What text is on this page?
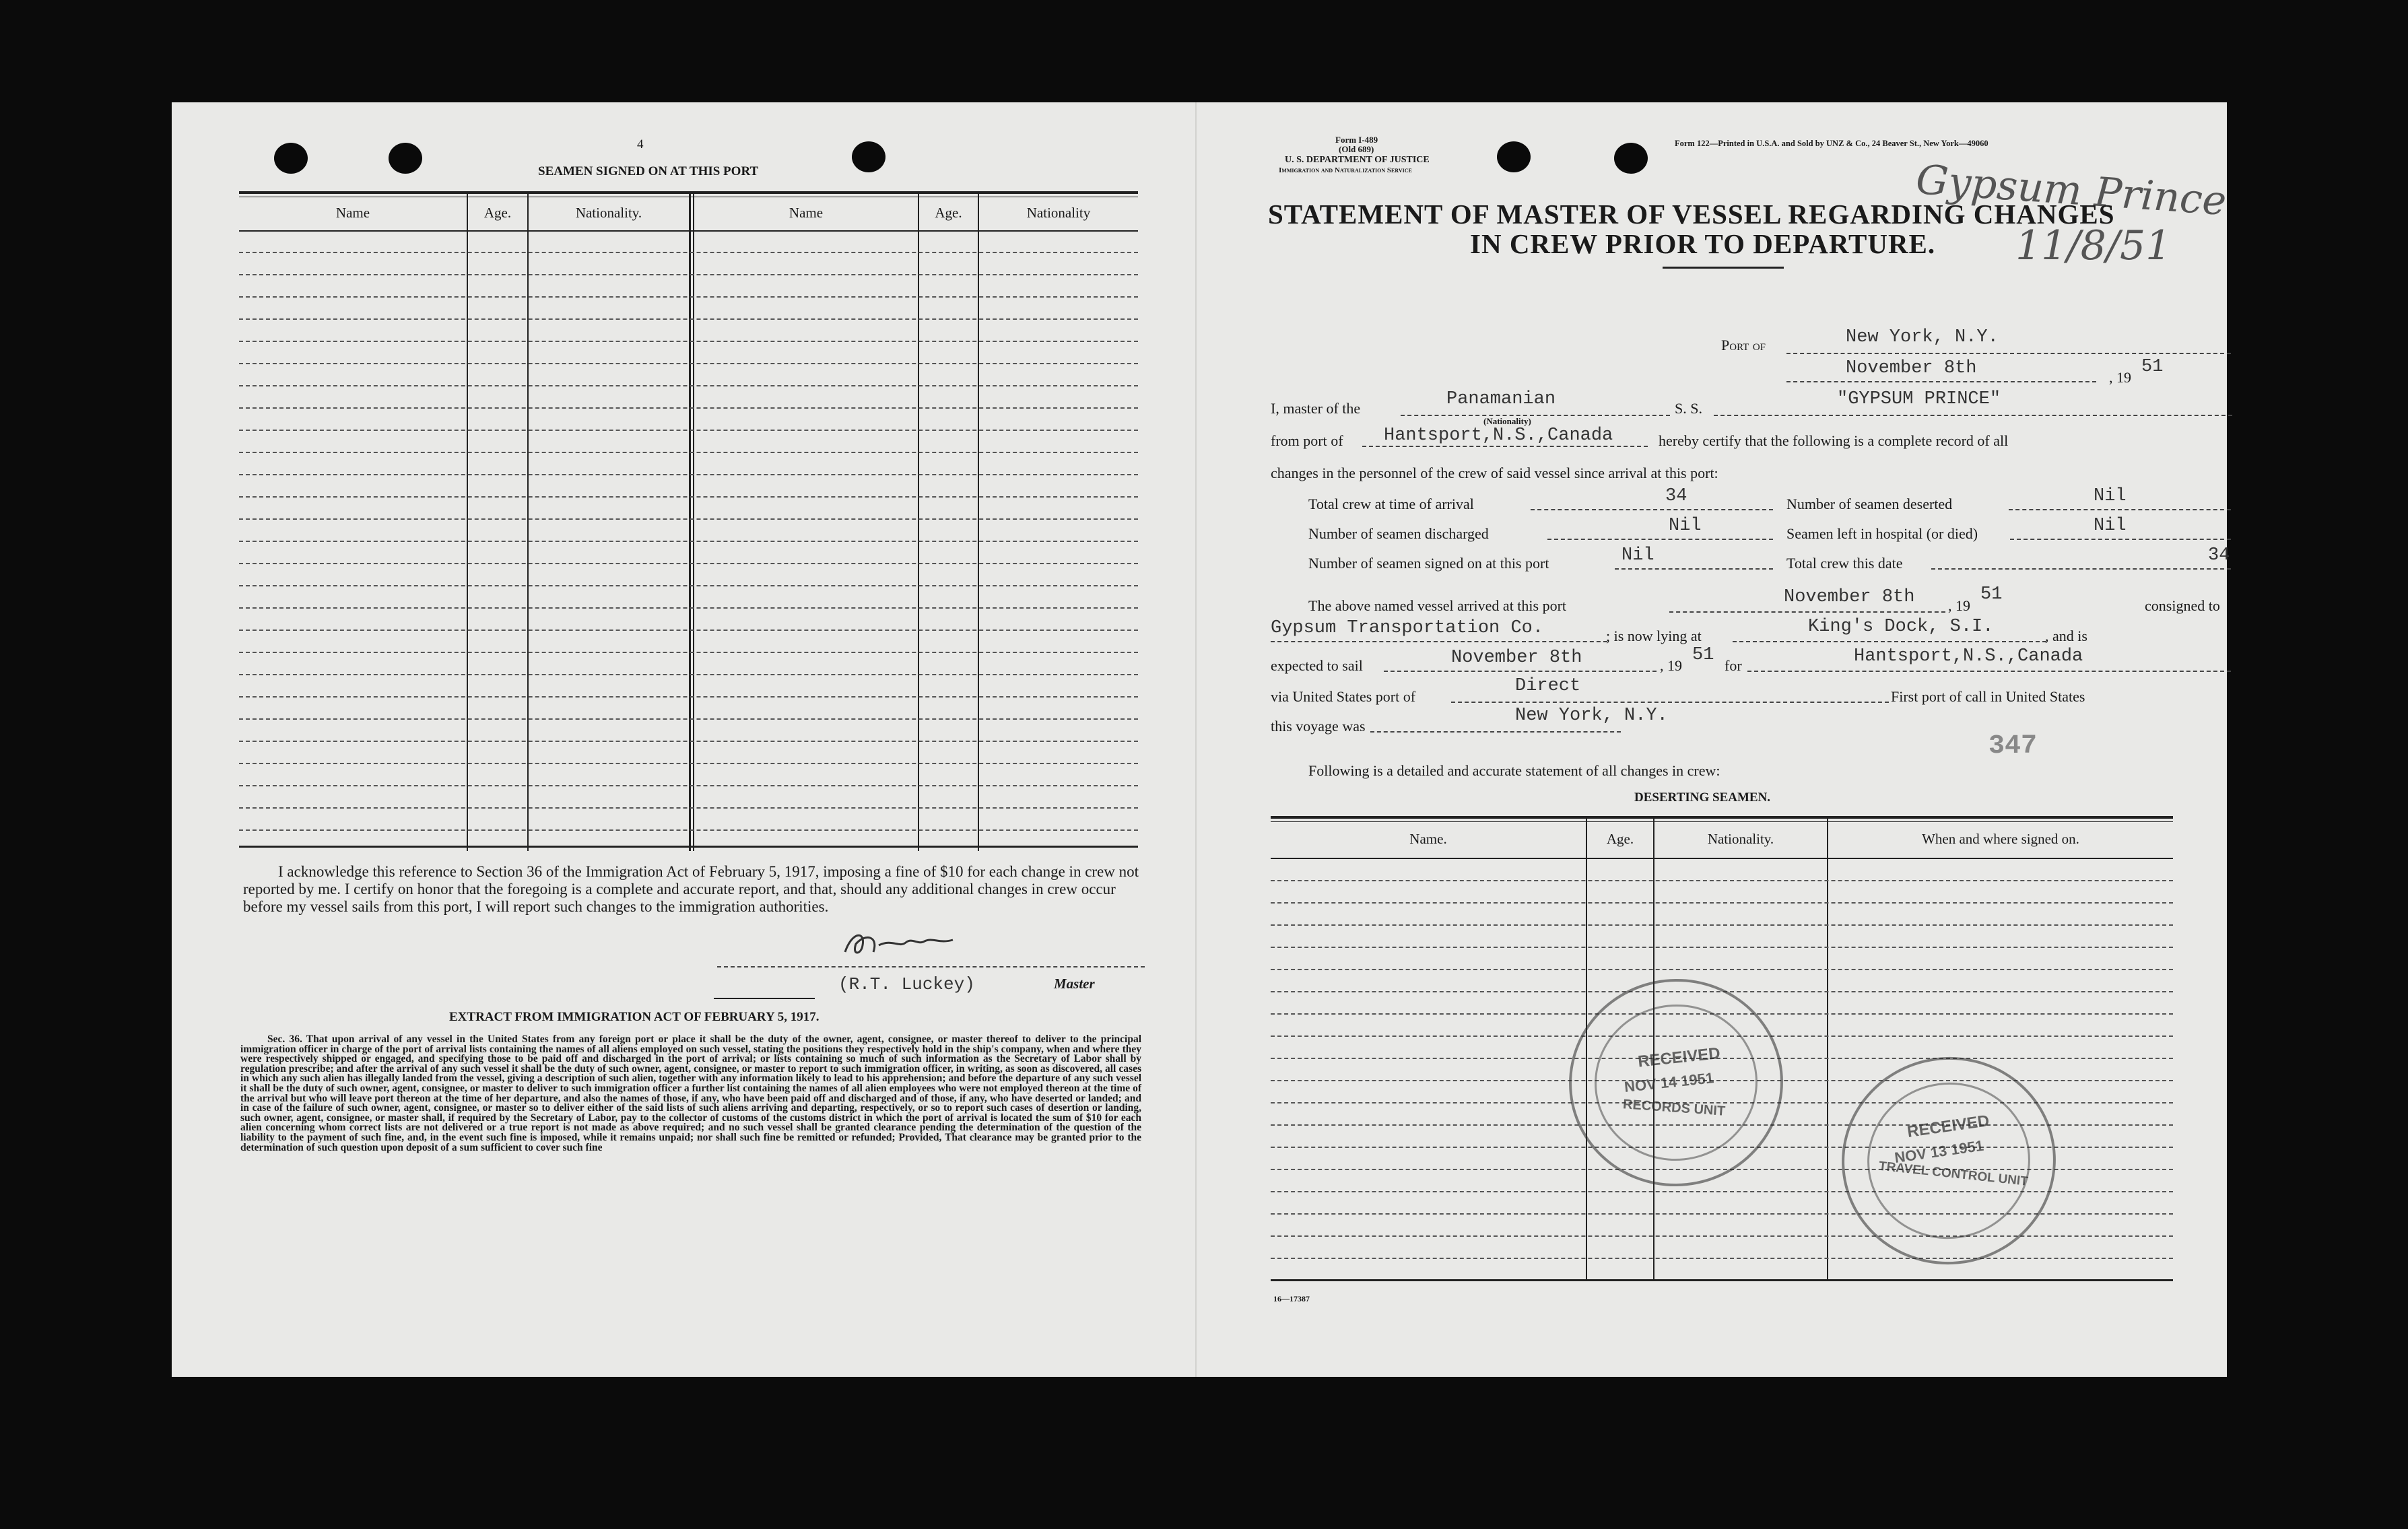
4
SEAMEN SIGNED ON AT THIS PORT
Name	Age.	Nationality.	Name	Age.	Nationality
I acknowledge this reference to Section 36 of the Immigration Act of February 5, 1917, imposing a fine of $10 for each change in crew not reported by me. I certify on honor that the foregoing is a complete and accurate report, and that, should any additional changes in crew occur before my vessel sails from this port, I will report such changes to the immigration authorities.
(R.T. Luckey)	Master
EXTRACT FROM IMMIGRATION ACT OF FEBRUARY 5, 1917.
Sec. 36. That upon arrival of any vessel in the United States from any foreign port or place it shall be the duty of the owner, agent, consignee, or master thereof to deliver to the principal immigration officer in charge of the port of arrival lists containing the names of all aliens employed on such vessel, stating the positions they respectively hold in the ship's company, when and where they were respectively shipped or engaged, and specifying those to be paid off and discharged in the port of arrival; or lists containing so much of such information as the Secretary of Labor shall by regulation prescribe; and after the arrival of any such vessel it shall be the duty of such owner, agent, consignee, or master to report to such immigration officer, in writing, as soon as discovered, all cases in which any such alien has illegally landed from the vessel, giving a description of such alien, together with any information likely to lead to his apprehension; and before the departure of any such vessel it shall be the duty of such owner, agent, consignee, or master to deliver to such immigration officer a further list containing the names of all alien employees who were not employed thereon at the time of the arrival but who will leave port thereon at the time of her departure, and also the names of those, if any, who have been paid off and discharged and of those, if any, who have deserted or landed; and in case of the failure of such owner, agent, consignee, or master so to deliver either of the said lists of such aliens arriving and departing, respectively, or so to report such cases of desertion or landing, such owner, agent, consignee, or master shall, if required by the Secretary of Labor, pay to the collector of customs of the customs district in which the port of arrival is located the sum of $10 for each alien concerning whom correct lists are not delivered or a true report is not made as above required; and no such vessel shall be granted clearance pending the determination of the question of the liability to the payment of such fine, and, in the event such fine is imposed, while it remains unpaid; nor shall such fine be remitted or refunded; Provided, That clearance may be granted prior to the determination of such question upon deposit of a sum sufficient to cover such fine
Form I-489
(Old 689)
U. S. DEPARTMENT OF JUSTICE
Immigration and Naturalization Service
Form 122—Printed in U.S.A. and Sold by UNZ & Co., 24 Beaver St., New York—49060
Gypsum Prince
11/8/51
STATEMENT OF MASTER OF VESSEL REGARDING CHANGES
IN CREW PRIOR TO DEPARTURE.
Port of	New York, N.Y.
November 8th	, 19
51
I, master of the	Panamanian
(Nationality)
S. S.	"GYPSUM PRINCE"
from port of Hantsport,N.S.,Canada	hereby certify that the following is a complete record of all
changes in the personnel of the crew of said vessel since arrival at this port:
Total crew at time of arrival	34	Number of seamen deserted	Nil
Number of seamen discharged	Nil	Seamen left in hospital (or died)	Nil
Number of seamen signed on at this port	Nil	Total crew this date	34
The above named vessel arrived at this port	November 8th , 19
51
consigned to
Gypsum Transportation Co.	; is now lying at	King's Dock, S.I.	, and is
expected to sail	November 8th	, 19
51
for	Hantsport,N.S.,Canada
via United States port of
Direct
First port of call in United States
this voyage was
New York, N.Y.
347
Following is a detailed and accurate statement of all changes in crew:
DESERTING SEAMEN.
Name.	Age.	Nationality.	When and where signed on.
RECEIVED
NOV 14 1951
RECORDS UNIT
RECEIVED
NOV 13 1951
TRAVEL CONTROL UNIT
16—17387
